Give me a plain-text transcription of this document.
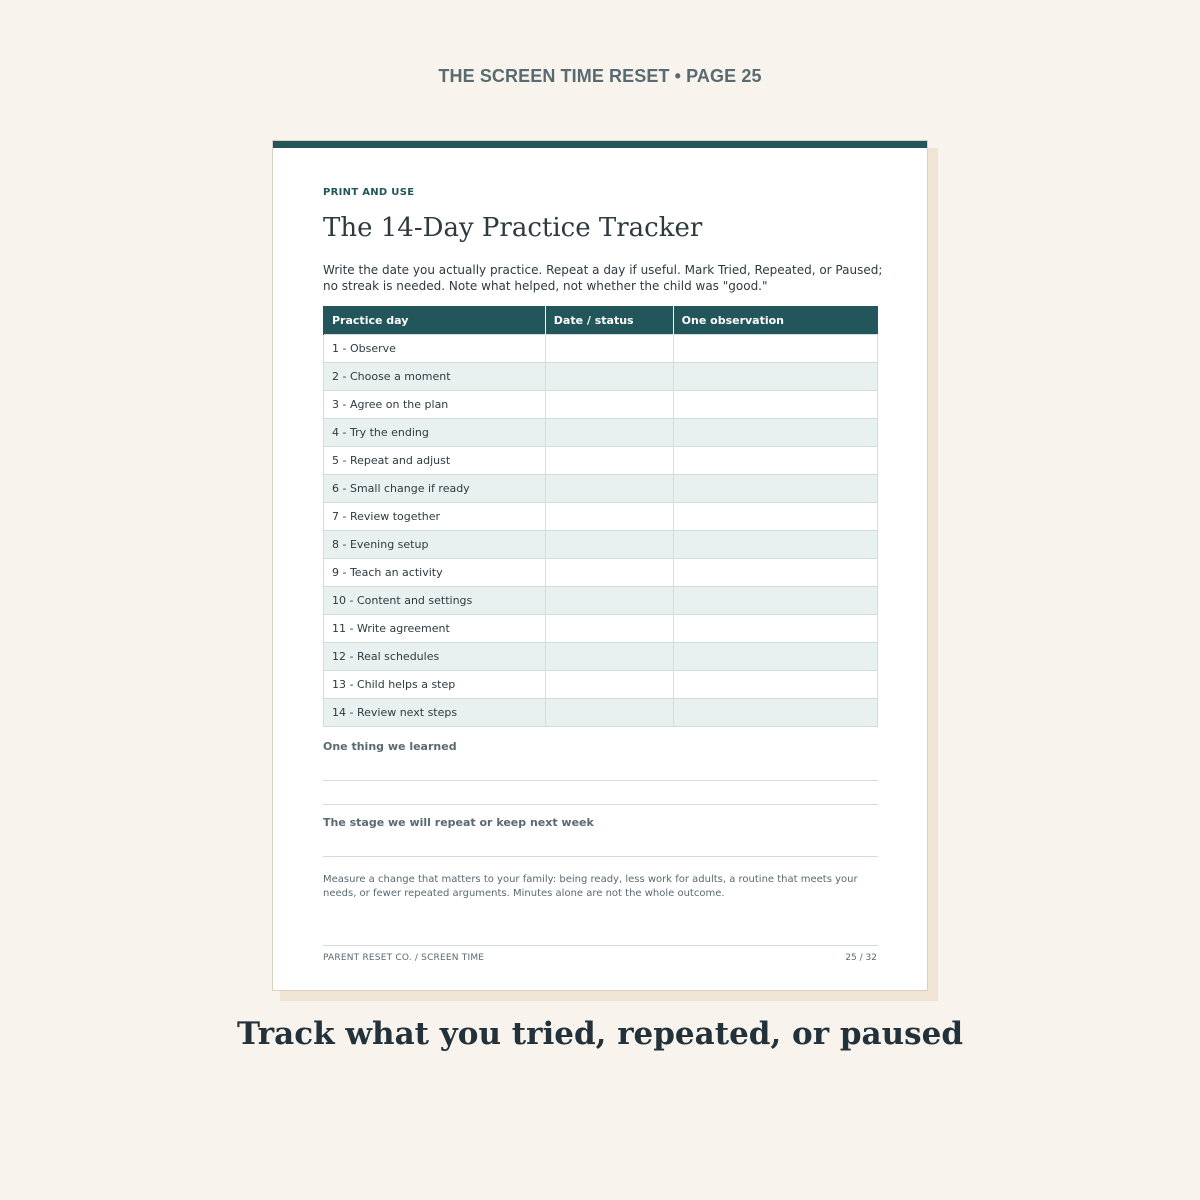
THE SCREEN TIME RESET • PAGE 25
PRINT AND USE
The 14-Day Practice Tracker
Write the date you actually practice. Repeat a day if useful. Mark Tried, Repeated, or Paused; no streak is needed. Note what helped, not whether the child was "good."
Practice day	Date / status	One observation
1 - Observe		
2 - Choose a moment		
3 - Agree on the plan		
4 - Try the ending		
5 - Repeat and adjust		
6 - Small change if ready		
7 - Review together		
8 - Evening setup		
9 - Teach an activity		
10 - Content and settings		
11 - Write agreement		
12 - Real schedules		
13 - Child helps a step		
14 - Review next steps		
One thing we learned
The stage we will repeat or keep next week
Measure a change that matters to your family: being ready, less work for adults, a routine that meets your needs, or fewer repeated arguments. Minutes alone are not the whole outcome.
PARENT RESET CO. / SCREEN TIME	25 / 32
Track what you tried, repeated, or paused
